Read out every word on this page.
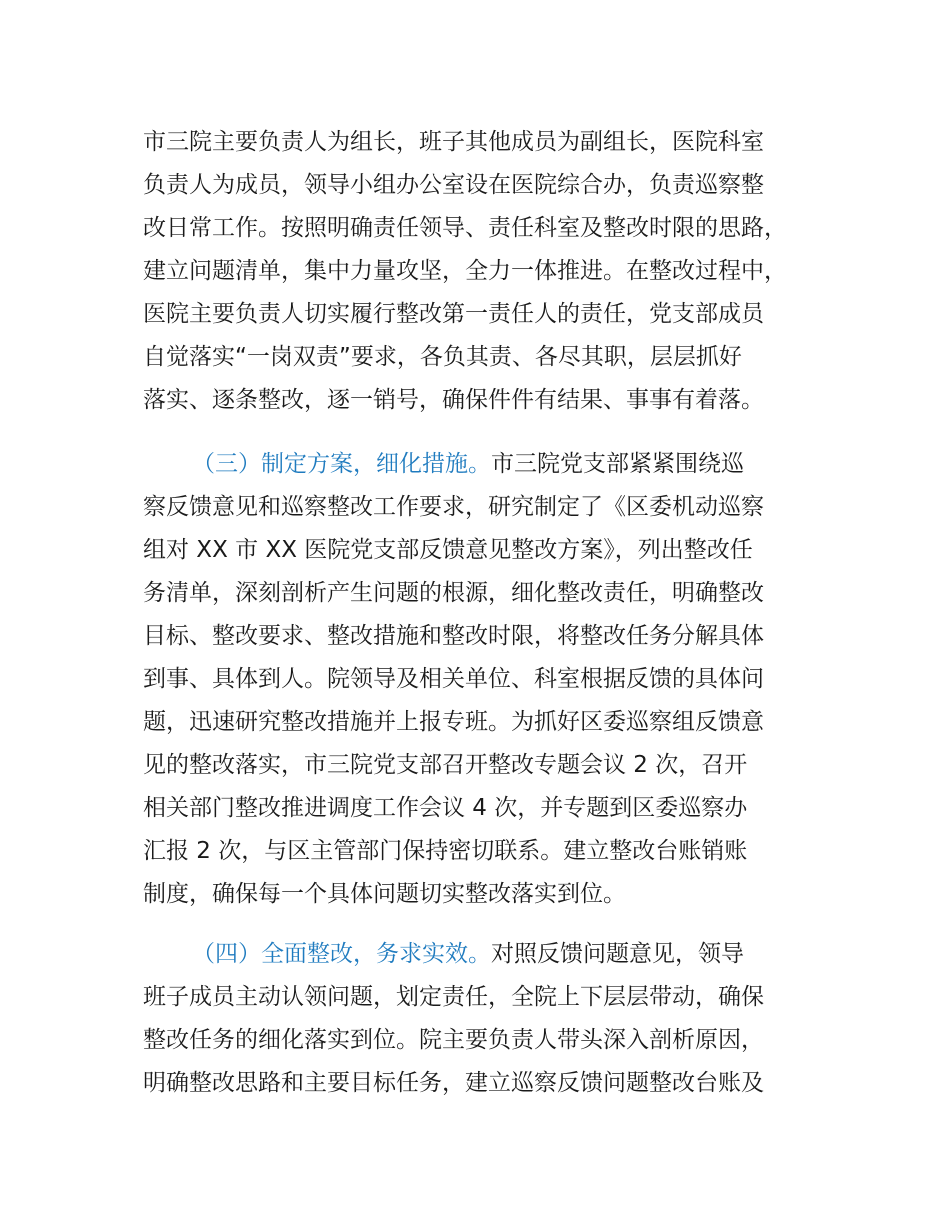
市三院主要负责人为组长，班子其他成员为副组长，医院科室
负责人为成员，领导小组办公室设在医院综合办，负责巡察整
改日常工作。按照明确责任领导、责任科室及整改时限的思路，
建立问题清单，集中力量攻坚，全力一体推进。在整改过程中，
医院主要负责人切实履行整改第一责任人的责任，党支部成员
自觉落实“一岗双责”要求，各负其责、各尽其职，层层抓好
落实、逐条整改，逐一销号，确保件件有结果、事事有着落。
（三）制定方案，细化措施。市三院党支部紧紧围绕巡
察反馈意见和巡察整改工作要求，研究制定了《区委机动巡察
组对 XX 市 XX 医院党支部反馈意见整改方案》，列出整改任
务清单，深刻剖析产生问题的根源，细化整改责任，明确整改
目标、整改要求、整改措施和整改时限，将整改任务分解具体
到事、具体到人。院领导及相关单位、科室根据反馈的具体问
题，迅速研究整改措施并上报专班。为抓好区委巡察组反馈意
见的整改落实，市三院党支部召开整改专题会议 2 次，召开
相关部门整改推进调度工作会议 4 次，并专题到区委巡察办
汇报 2 次，与区主管部门保持密切联系。建立整改台账销账
制度，确保每一个具体问题切实整改落实到位。
（四）全面整改，务求实效。对照反馈问题意见，领导
班子成员主动认领问题，划定责任，全院上下层层带动，确保
整改任务的细化落实到位。院主要负责人带头深入剖析原因，
明确整改思路和主要目标任务，建立巡察反馈问题整改台账及
